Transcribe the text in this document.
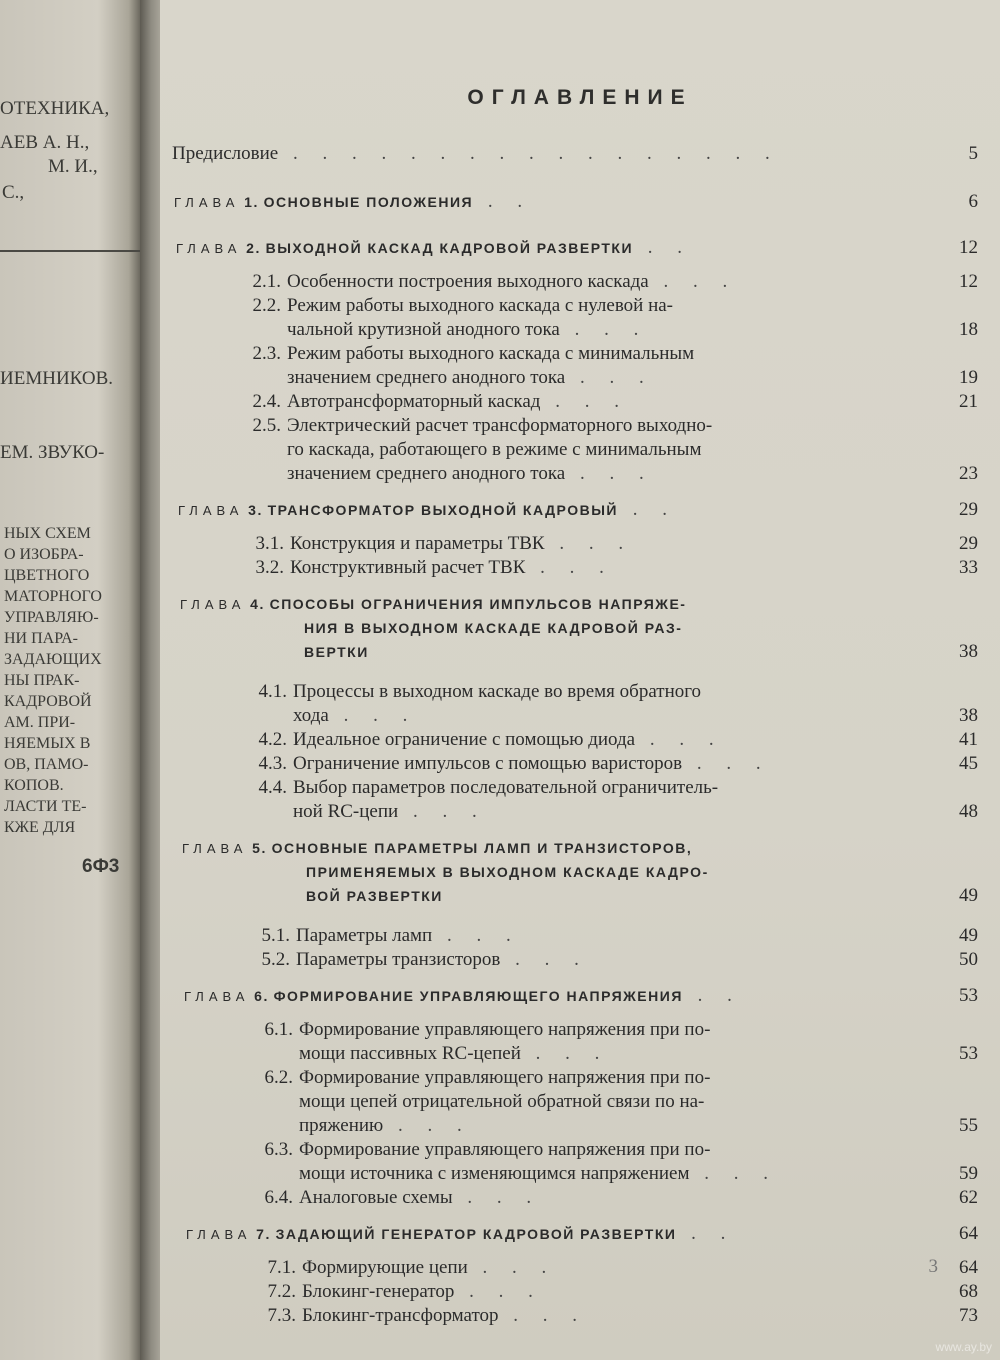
ОТЕХНИКА,
АЕВ А. Н.,
М. И.,
С.,
ИЕМНИКОВ.
ЕМ. ЗВУКО-
НЫХ СХЕМ
О ИЗОБРА-
ЦВЕТНОГО
МАТОРНОГО
УПРАВЛЯЮ-
НИ ПАРА-
ЗАДАЮЩИХ
НЫ ПРАК-
КАДРОВОЙ
АМ. ПРИ-
НЯЕМЫХ В
ОВ, ПАМО-
КОПОВ.
ЛАСТИ ТЕ-
КЖЕ ДЛЯ
6Ф3
ОГЛАВЛЕНИЕ
Предисловие . . . . . . . . . . . . . . . . .	5
ГЛАВА 1. ОСНОВНЫЕ ПОЛОЖЕНИЯ . .	6
ГЛАВА 2. ВЫХОДНОЙ КАСКАД КАДРОВОЙ РАЗВЕРТКИ . .	12
2.1. Особенности построения выходного каскада . . .	12
2.2. Режим работы выходного каскада с нулевой на-
чальной крутизной анодного тока . . .	18
2.3. Режим работы выходного каскада с минимальным
значением среднего анодного тока . . .	19
2.4. Автотрансформаторный каскад . . .	21
2.5. Электрический расчет трансформаторного выходно-
го каскада, работающего в режиме с минимальным
значением среднего анодного тока . . .	23
ГЛАВА 3. ТРАНСФОРМАТОР ВЫХОДНОЙ КАДРОВЫЙ . .	29
3.1. Конструкция и параметры ТВК . . .	29
3.2. Конструктивный расчет ТВК . . .	33
ГЛАВА 4. СПОСОБЫ ОГРАНИЧЕНИЯ ИМПУЛЬСОВ НАПРЯЖЕ-
НИЯ В ВЫХОДНОМ КАСКАДЕ КАДРОВОЙ РАЗ-
ВЕРТКИ	38
4.1. Процессы в выходном каскаде во время обратного
хода . . .	38
4.2. Идеальное ограничение с помощью диода . . .	41
4.3. Ограничение импульсов с помощью варисторов . . .	45
4.4. Выбор параметров последовательной ограничитель-
ной RC-цепи . . .	48
ГЛАВА 5. ОСНОВНЫЕ ПАРАМЕТРЫ ЛАМП И ТРАНЗИСТОРОВ,
ПРИМЕНЯЕМЫХ В ВЫХОДНОМ КАСКАДЕ КАДРО-
ВОЙ РАЗВЕРТКИ	49
5.1. Параметры ламп . . .	49
5.2. Параметры транзисторов . . .	50
ГЛАВА 6. ФОРМИРОВАНИЕ УПРАВЛЯЮЩЕГО НАПРЯЖЕНИЯ . .	53
6.1. Формирование управляющего напряжения при по-
мощи пассивных RC-цепей . . .	53
6.2. Формирование управляющего напряжения при по-
мощи цепей отрицательной обратной связи по на-
пряжению . . .	55
6.3. Формирование управляющего напряжения при по-
мощи источника с изменяющимся напряжением . . .	59
6.4. Аналоговые схемы . . .	62
ГЛАВА 7. ЗАДАЮЩИЙ ГЕНЕРАТОР КАДРОВОЙ РАЗВЕРТКИ . .	64
7.1. Формирующие цепи . . .	64
7.2. Блокинг-генератор . . .	68
7.3. Блокинг-трансформатор . . .	73
3
www.ay.by
